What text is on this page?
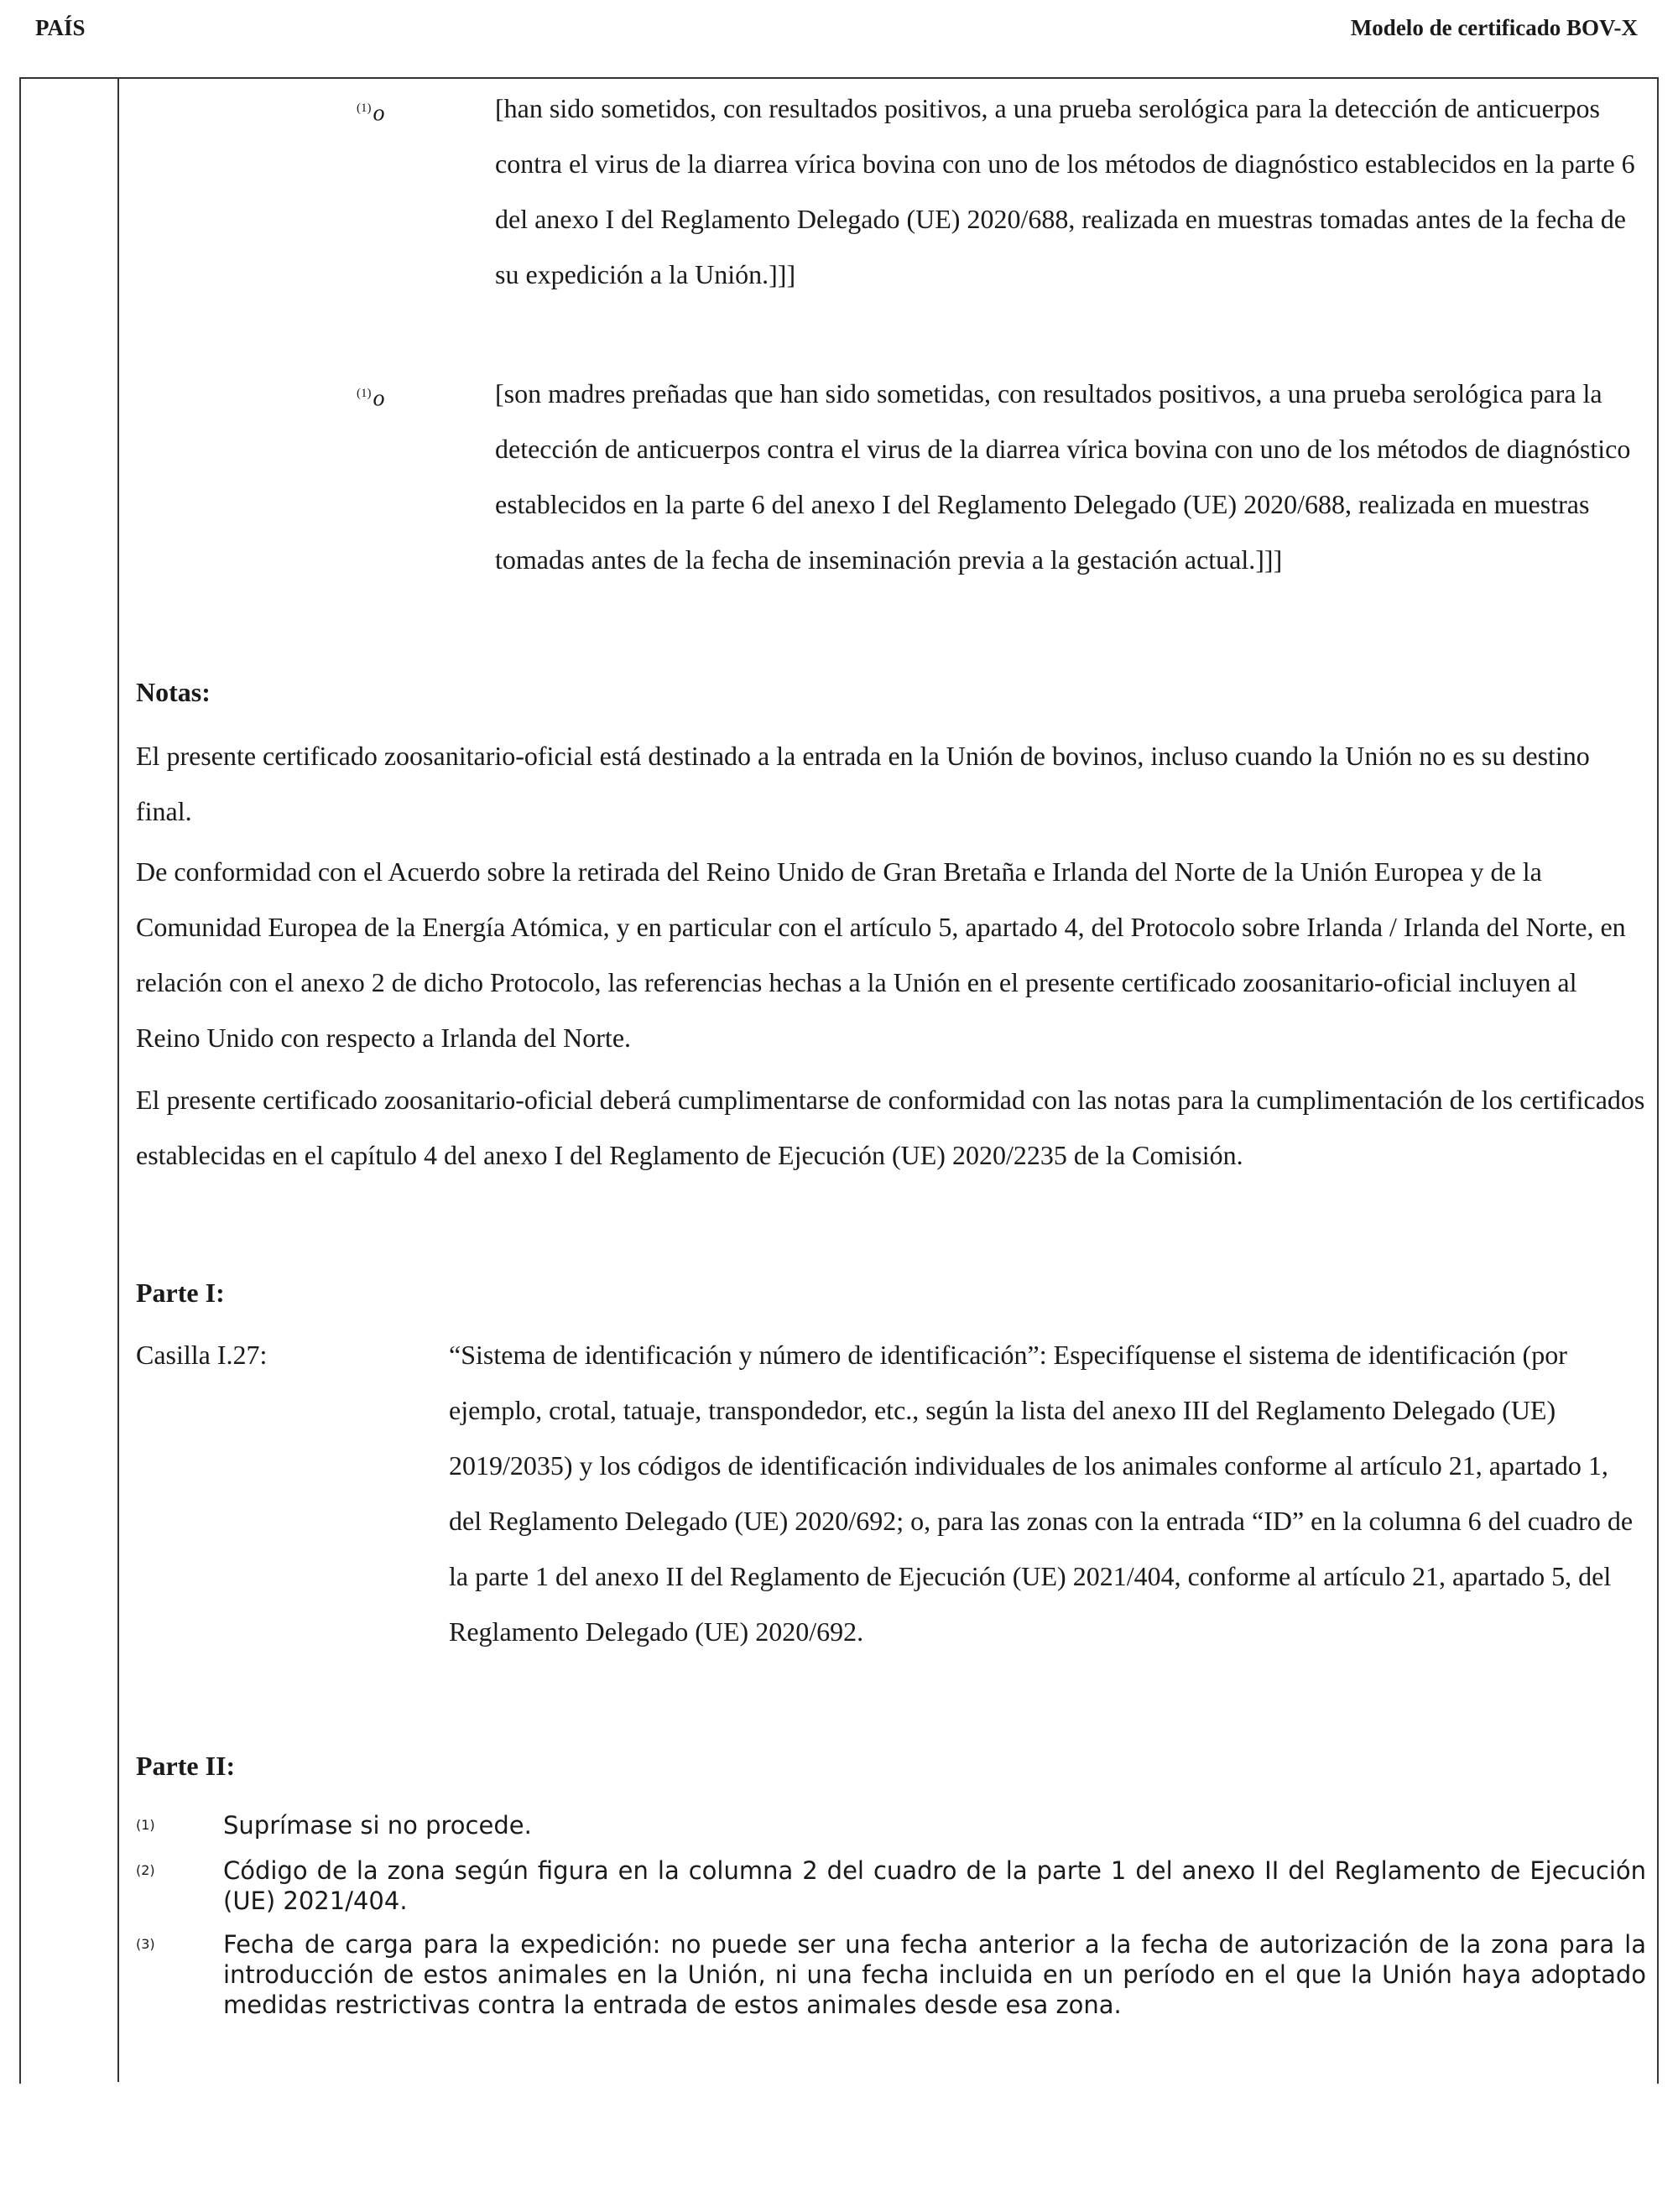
PAÍS	Modelo de certificado BOV-X
$^{(1)}$o	[han sido sometidos, con resultados positivos, a una prueba serológica para la detección de anticuerpos contra el virus de la diarrea vírica bovina con uno de los métodos de diagnóstico establecidos en la parte 6 del anexo I del Reglamento Delegado (UE) 2020/688, realizada en muestras tomadas antes de la fecha de su expedición a la Unión.]]]
$^{(1)}$o	[son madres preñadas que han sido sometidas, con resultados positivos, a una prueba serológica para la detección de anticuerpos contra el virus de la diarrea vírica bovina con uno de los métodos de diagnóstico establecidos en la parte 6 del anexo I del Reglamento Delegado (UE) 2020/688, realizada en muestras tomadas antes de la fecha de inseminación previa a la gestación actual.]]]
Notas:
El presente certificado zoosanitario-oficial está destinado a la entrada en la Unión de bovinos, incluso cuando la Unión no es su destino final.
De conformidad con el Acuerdo sobre la retirada del Reino Unido de Gran Bretaña e Irlanda del Norte de la Unión Europea y de la Comunidad Europea de la Energía Atómica, y en particular con el artículo 5, apartado 4, del Protocolo sobre Irlanda / Irlanda del Norte, en relación con el anexo 2 de dicho Protocolo, las referencias hechas a la Unión en el presente certificado zoosanitario-oficial incluyen al Reino Unido con respecto a Irlanda del Norte.
El presente certificado zoosanitario-oficial deberá cumplimentarse de conformidad con las notas para la cumplimentación de los certificados establecidas en el capítulo 4 del anexo I del Reglamento de Ejecución (UE) 2020/2235 de la Comisión.
Parte I:
Casilla I.27:	“Sistema de identificación y número de identificación”: Especifíquense el sistema de identificación (por ejemplo, crotal, tatuaje, transpondedor, etc., según la lista del anexo III del Reglamento Delegado (UE) 2019/2035) y los códigos de identificación individuales de los animales conforme al artículo 21, apartado 1, del Reglamento Delegado (UE) 2020/692; o, para las zonas con la entrada “ID” en la columna 6 del cuadro de la parte 1 del anexo II del Reglamento de Ejecución (UE) 2021/404, conforme al artículo 21, apartado 5, del Reglamento Delegado (UE) 2020/692.
Parte II:
(1)	Suprímase si no procede.
(2)	Código de la zona según figura en la columna 2 del cuadro de la parte 1 del anexo II del Reglamento de Ejecución (UE) 2021/404.
(3)	Fecha de carga para la expedición: no puede ser una fecha anterior a la fecha de autorización de la zona para la introducción de estos animales en la Unión, ni una fecha incluida en un período en el que la Unión haya adoptado medidas restrictivas contra la entrada de estos animales desde esa zona.
